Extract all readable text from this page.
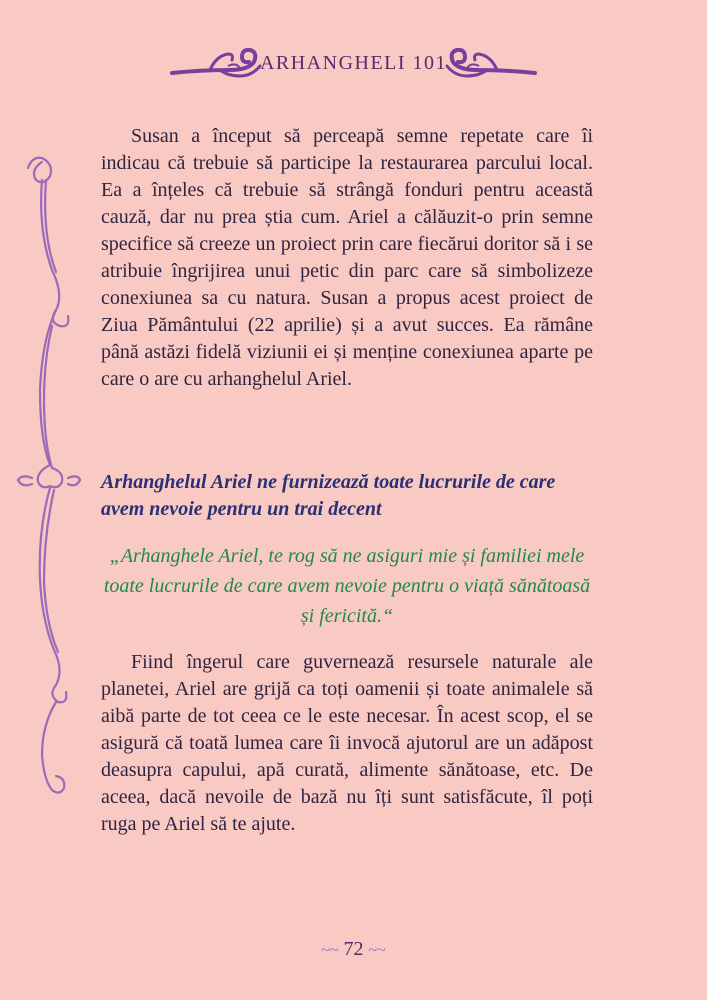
ARHANGHELI 101

Susan a început să perceapă semne repetate care îi indicau că trebuie să participe la restaurarea parcului local. Ea a înțeles că trebuie să strângă fonduri pentru această cauză, dar nu prea știa cum. Ariel a călăuzit-o prin semne specifice să creeze un proiect prin care fiecărui doritor să i se atribuie îngrijirea unui petic din parc care să simbolizeze conexiunea sa cu natura. Susan a propus acest proiect de Ziua Pământului (22 aprilie) și a avut succes. Ea rămâne până astăzi fidelă viziunii ei și menține conexiunea aparte pe care o are cu arhanghelul Ariel.

Arhanghelul Ariel ne furnizează toate lucrurile de care avem nevoie pentru un trai decent

„Arhanghele Ariel, te rog să ne asiguri mie și familiei mele toate lucrurile de care avem nevoie pentru o viață sănătoasă și fericită.“

Fiind îngerul care guvernează resursele naturale ale planetei, Ariel are grijă ca toți oamenii și toate animalele să aibă parte de tot ceea ce le este necesar. În acest scop, el se asigură că toată lumea care îi invocă ajutorul are un adăpost deasupra capului, apă curată, alimente sănătoase, etc. De aceea, dacă nevoile de bază nu îți sunt satisfăcute, îl poți ruga pe Ariel să te ajute.

~~ 72 ~~
